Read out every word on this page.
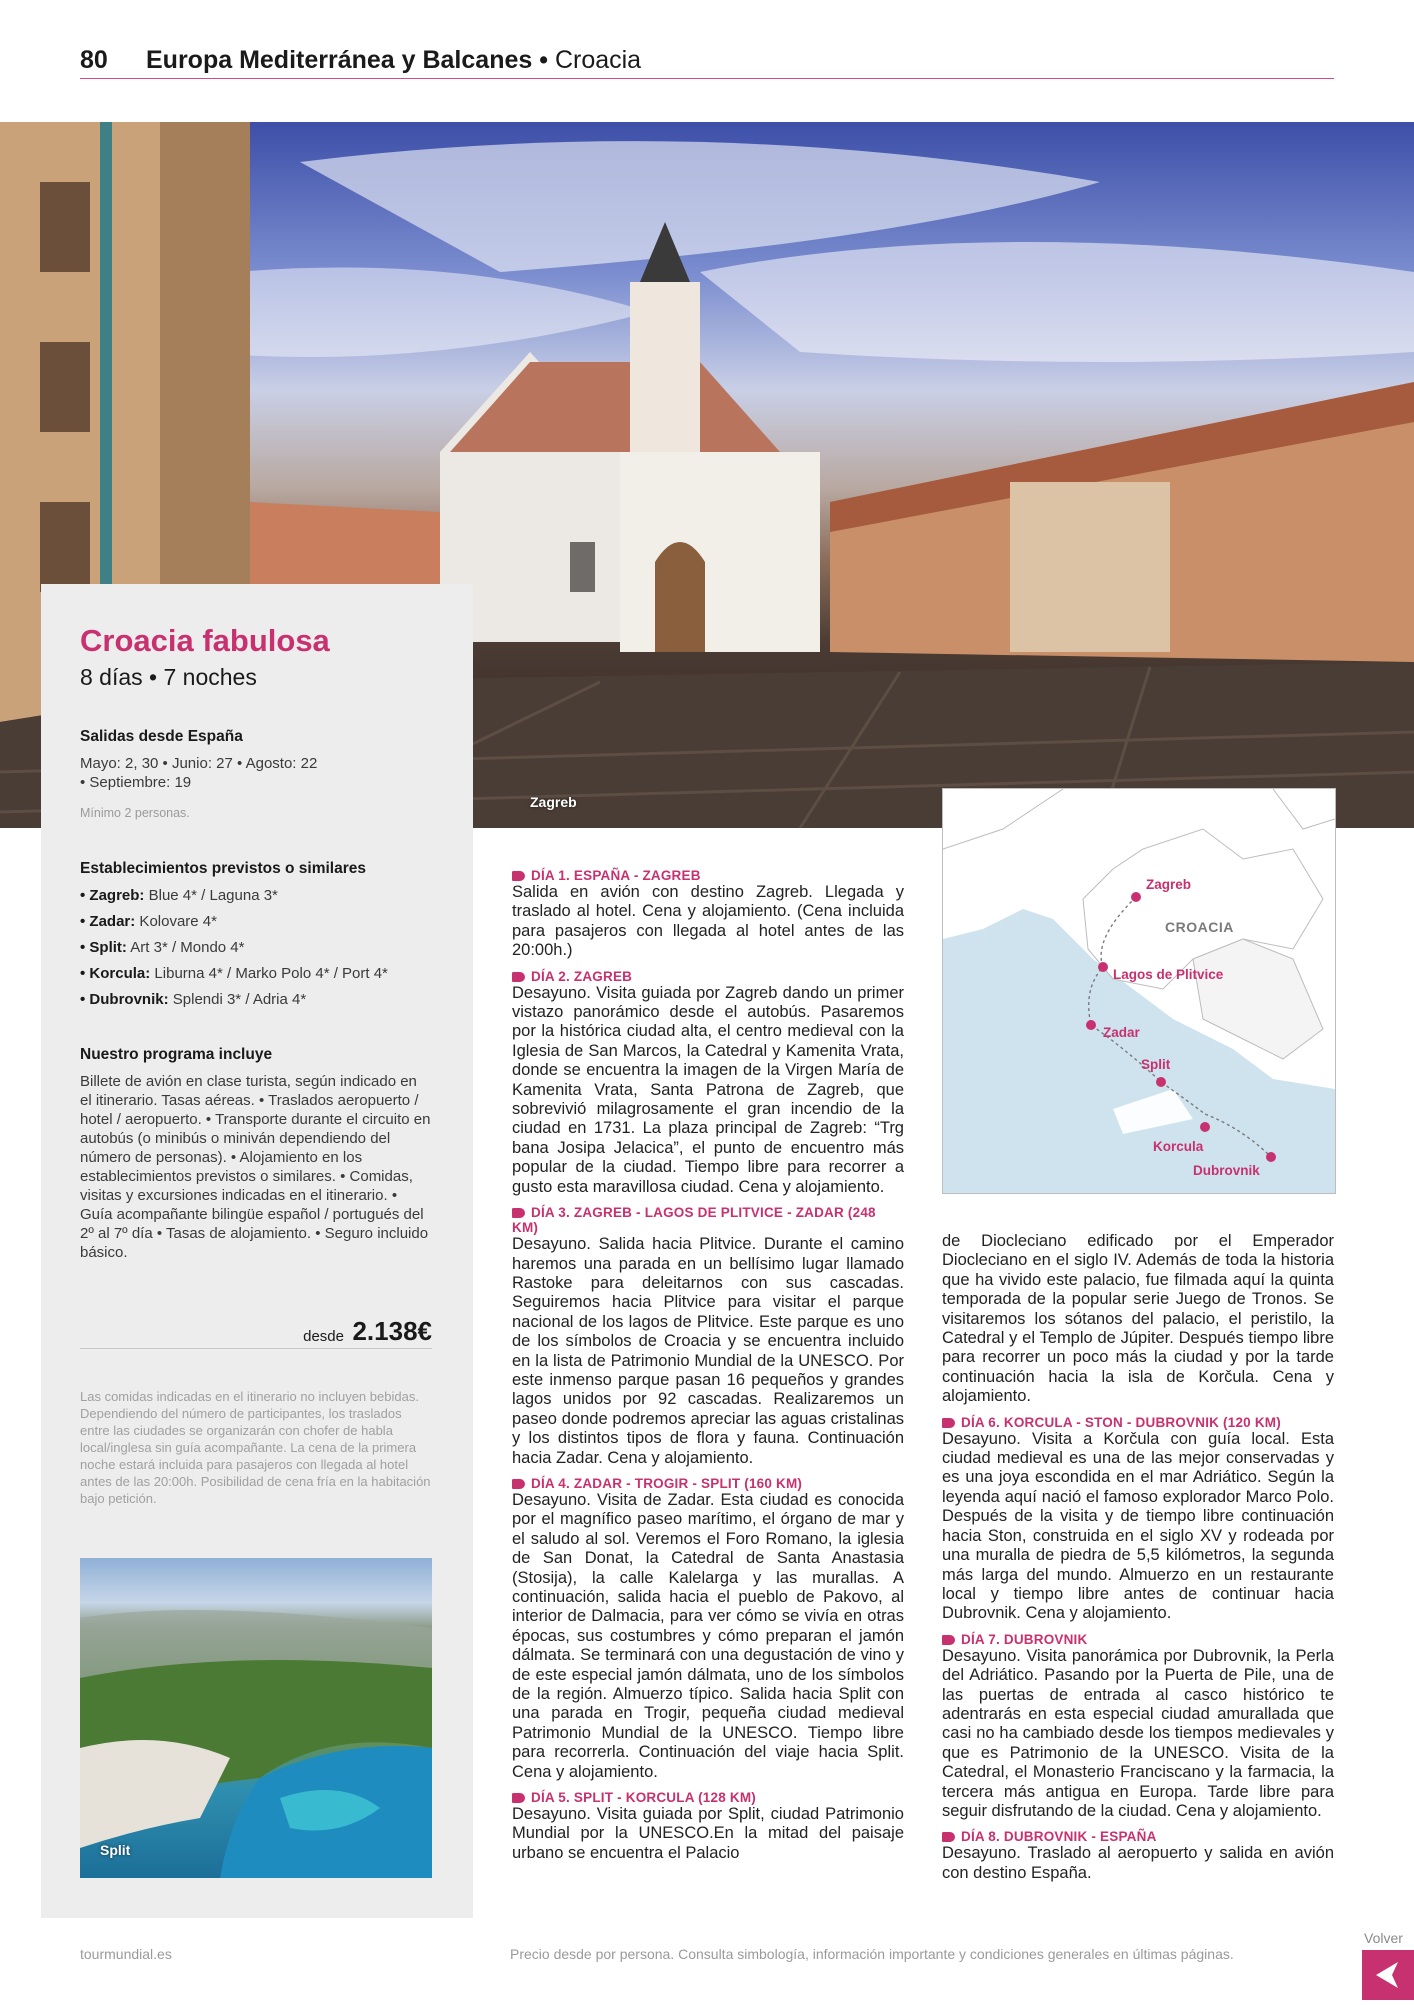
80 Europa Mediterránea y Balcanes • Croacia
Zagreb
Croacia fabulosa
8 días • 7 noches
Salidas desde España
Mayo: 2, 30 • Junio: 27 • Agosto: 22
• Septiembre: 19
Mínimo 2 personas.
Establecimientos previstos o similares
• Zagreb: Blue 4* / Laguna 3*
• Zadar: Kolovare 4*
• Split: Art 3* / Mondo 4*
• Korcula: Liburna 4* / Marko Polo 4* / Port 4*
• Dubrovnik: Splendi 3* / Adria 4*
Nuestro programa incluye
Billete de avión en clase turista, según indicado en el itinerario. Tasas aéreas. • Traslados aeropuerto / hotel / aeropuerto. • Transporte durante el circuito en autobús (o minibús o miniván dependiendo del número de personas). • Alojamiento en los establecimientos previstos o similares. • Comidas, visitas y excursiones indicadas en el itinerario. • Guía acompañante bilingüe español / portugués del 2º al 7º día • Tasas de alojamiento. • Seguro incluido básico.
desde 2.138€
Las comidas indicadas en el itinerario no incluyen bebidas. Dependiendo del número de participantes, los traslados entre las ciudades se organizarán con chofer de habla local/inglesa sin guía acompañante. La cena de la primera noche estará incluida para pasajeros con llegada al hotel antes de las 20:00h. Posibilidad de cena fría en la habitación bajo petición.
Split
DÍA 1. ESPAÑA - ZAGREB
Salida en avión con destino Zagreb. Llegada y traslado al hotel. Cena y alojamiento. (Cena incluida para pasajeros con llegada al hotel antes de las 20:00h.)
DÍA 2. ZAGREB
Desayuno. Visita guiada por Zagreb dando un primer vistazo panorámico desde el autobús. Pasaremos por la histórica ciudad alta, el centro medieval con la Iglesia de San Marcos, la Catedral y Kamenita Vrata, donde se encuentra la imagen de la Virgen María de Kamenita Vrata, Santa Patrona de Zagreb, que sobrevivió milagrosamente el gran incendio de la ciudad en 1731. La plaza principal de Zagreb: “Trg bana Josipa Jelacica”, el punto de encuentro más popular de la ciudad. Tiempo libre para recorrer a gusto esta maravillosa ciudad. Cena y alojamiento.
DÍA 3. ZAGREB - LAGOS DE PLITVICE - ZADAR (248 KM)
Desayuno. Salida hacia Plitvice. Durante el camino haremos una parada en un bellísimo lugar llamado Rastoke para deleitarnos con sus cascadas. Seguiremos hacia Plitvice para visitar el parque nacional de los lagos de Plitvice. Este parque es uno de los símbolos de Croacia y se encuentra incluido en la lista de Patrimonio Mundial de la UNESCO. Por este inmenso parque pasan 16 pequeños y grandes lagos unidos por 92 cascadas. Realizaremos un paseo donde podremos apreciar las aguas cristalinas y los distintos tipos de flora y fauna. Continuación hacia Zadar. Cena y alojamiento.
DÍA 4. ZADAR - TROGIR - SPLIT (160 KM)
Desayuno. Visita de Zadar. Esta ciudad es conocida por el magnífico paseo marítimo, el órgano de mar y el saludo al sol. Veremos el Foro Romano, la iglesia de San Donat, la Catedral de Santa Anastasia (Stosija), la calle Kalelarga y las murallas. A continuación, salida hacia el pueblo de Pakovo, al interior de Dalmacia, para ver cómo se vivía en otras épocas, sus costumbres y cómo preparan el jamón dálmata. Se terminará con una degustación de vino y de este especial jamón dálmata, uno de los símbolos de la región. Almuerzo típico. Salida hacia Split con una parada en Trogir, pequeña ciudad medieval Patrimonio Mundial de la UNESCO. Tiempo libre para recorrerla. Continuación del viaje hacia Split. Cena y alojamiento.
DÍA 5. SPLIT - KORCULA (128 KM)
Desayuno. Visita guiada por Split, ciudad Patrimonio Mundial por la UNESCO.En la mitad del paisaje urbano se encuentra el Palacio
CROACIA
Zagreb
Lagos de Plitvice
Zadar
Split
Korcula
Dubrovnik
de Diocleciano edificado por el Emperador Diocleciano en el siglo IV. Además de toda la historia que ha vivido este palacio, fue filmada aquí la quinta temporada de la popular serie Juego de Tronos. Se visitaremos los sótanos del palacio, el peristilo, la Catedral y el Templo de Júpiter. Después tiempo libre para recorrer un poco más la ciudad y por la tarde continuación hacia la isla de Korčula. Cena y alojamiento.
DÍA 6. KORCULA - STON - DUBROVNIK (120 KM)
Desayuno. Visita a Korčula con guía local. Esta ciudad medieval es una de las mejor conservadas y es una joya escondida en el mar Adriático. Según la leyenda aquí nació el famoso explorador Marco Polo. Después de la visita y de tiempo libre continuación hacia Ston, construida en el siglo XV y rodeada por una muralla de piedra de 5,5 kilómetros, la segunda más larga del mundo. Almuerzo en un restaurante local y tiempo libre antes de continuar hacia Dubrovnik. Cena y alojamiento.
DÍA 7. DUBROVNIK
Desayuno. Visita panorámica por Dubrovnik, la Perla del Adriático. Pasando por la Puerta de Pile, una de las puertas de entrada al casco histórico te adentrarás en esta especial ciudad amurallada que casi no ha cambiado desde los tiempos medievales y que es Patrimonio de la UNESCO. Visita de la Catedral, el Monasterio Franciscano y la farmacia, la tercera más antigua en Europa. Tarde libre para seguir disfrutando de la ciudad. Cena y alojamiento.
DÍA 8. DUBROVNIK - ESPAÑA
Desayuno. Traslado al aeropuerto y salida en avión con destino España.
tourmundial.es	Precio desde por persona. Consulta simbología, información importante y condiciones generales en últimas páginas.
Volver
